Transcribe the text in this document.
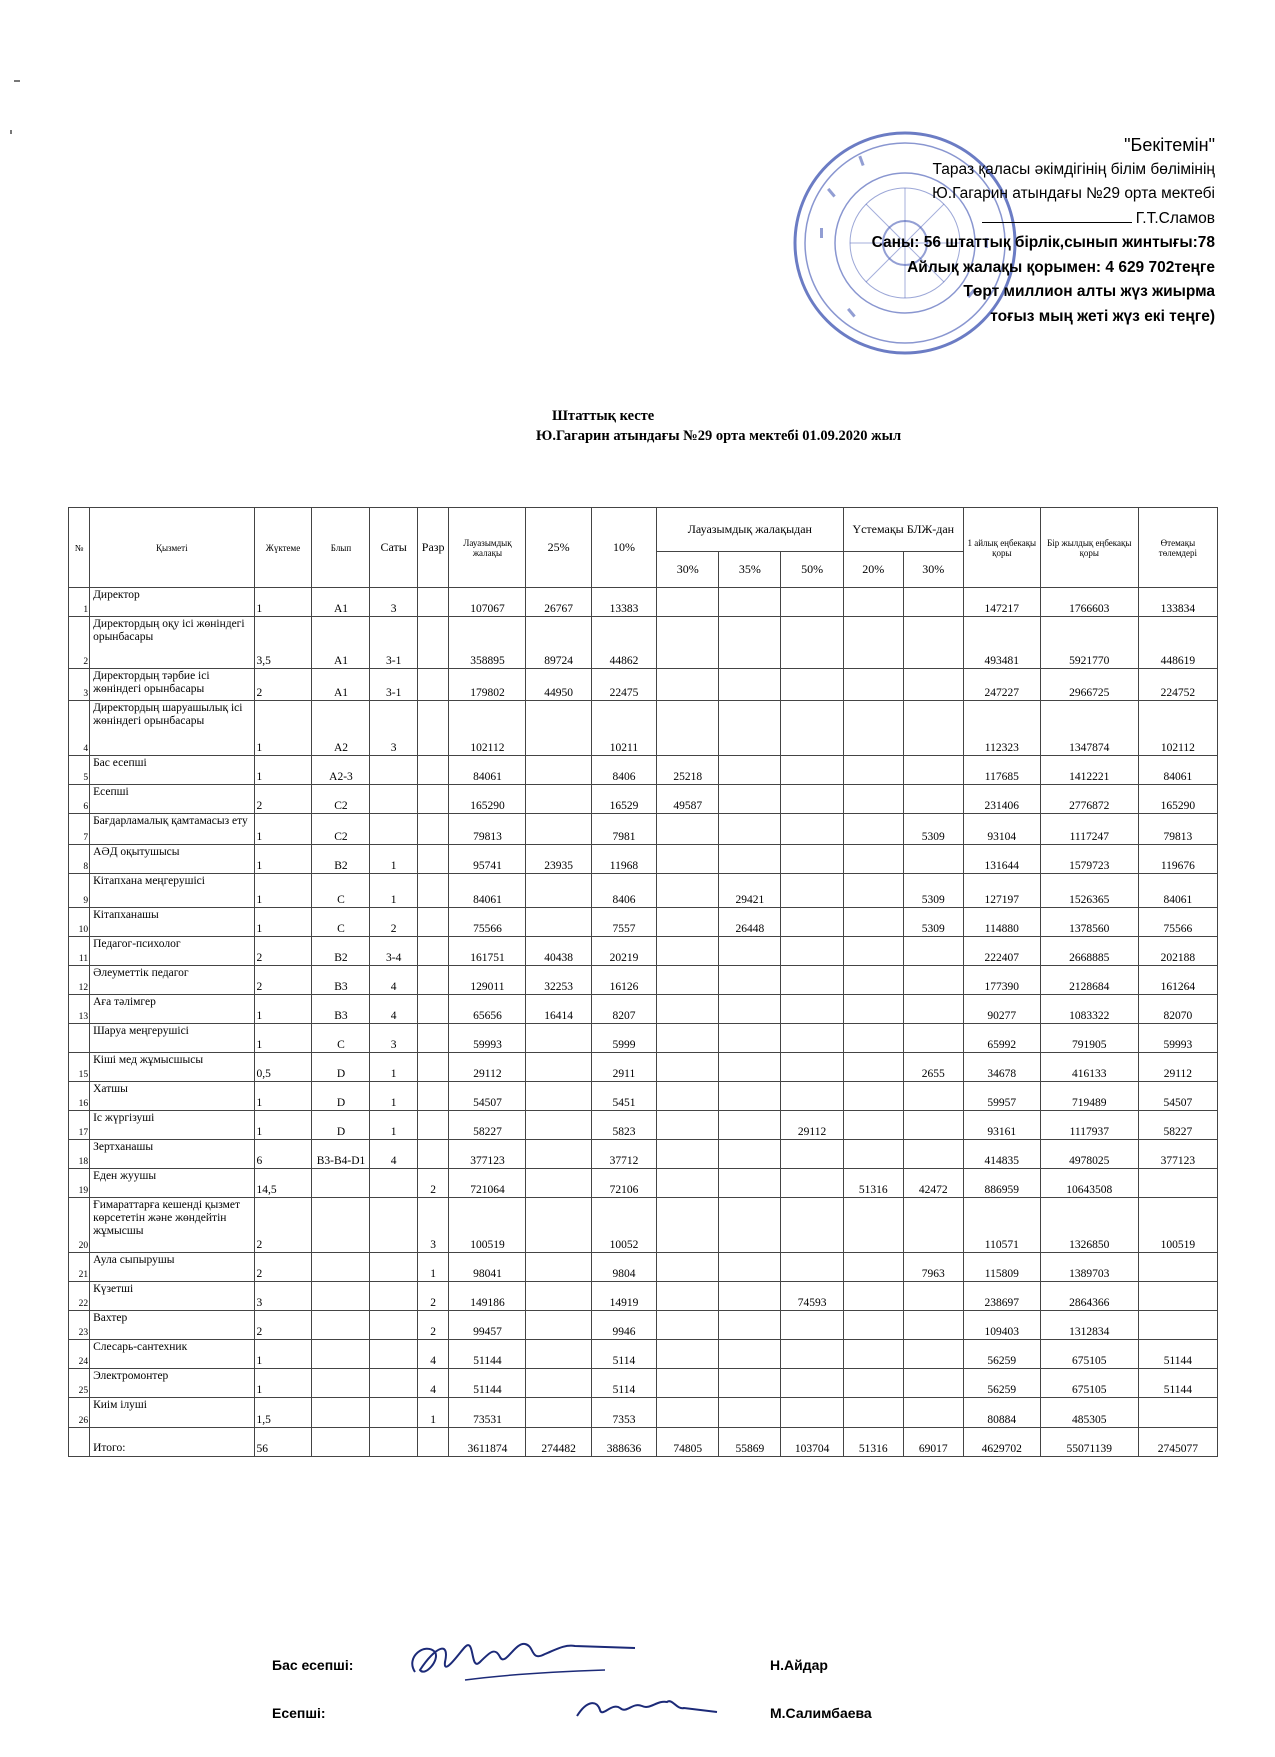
"Бекітемін"
Тараз қаласы әкімдігінің білім бөлімінің
Ю.Гагарин атындағы №29 орта мектебі
Г.Т.Сламов
Саны: 56 штаттық бірлік,сынып жинтығы:78
Айлық жалақы қорымен: 4 629 702теңге
Төрт миллион алты жүз жиырма
тоғыз мың жеті жүз екі теңге)
Штаттық кесте
Ю.Гагарин атындағы №29 орта мектебі 01.09.2020 жыл
№	Қызметі	Жүктеме	Блып	Саты	Разр	Лауазымдық жалақы	25%	10%	Лауазымдық жалақыдан			Үстемақы БЛЖ-дан		1 айлық еңбекақы қоры	Бір жылдық еңбекақы қоры	Өтемақы төлемдері
									30%	35%	50%	20%	30%			
1	Директор	1	А1	3		107067	26767	13383						147217	1766603	133834
2	Директордың оқу ісі жөніндегі орынбасары	3,5	А1	3-1		358895	89724	44862						493481	5921770	448619
3	Директордың тәрбие ісі жөніндегі орынбасары	2	А1	3-1		179802	44950	22475						247227	2966725	224752
4	Директордың шаруашылық ісі жөніндегі орынбасары	1	А2	3		102112		10211						112323	1347874	102112
5	Бас есепші	1	А2-3			84061		8406	25218					117685	1412221	84061
6	Есепші	2	С2			165290		16529	49587					231406	2776872	165290
7	Бағдарламалық қамтамасыз ету	1	С2			79813		7981					5309	93104	1117247	79813
8	АӘД оқытушысы	1	В2	1		95741	23935	11968						131644	1579723	119676
9	Кітапхана меңгерушісі	1	С	1		84061		8406		29421			5309	127197	1526365	84061
10	Кітапханашы	1	С	2		75566		7557		26448			5309	114880	1378560	75566
11	Педагог-психолог	2	В2	3-4		161751	40438	20219						222407	2668885	202188
12	Әлеуметтік педагог	2	В3	4		129011	32253	16126						177390	2128684	161264
13	Аға тәлімгер	1	В3	4		65656	16414	8207						90277	1083322	82070
	Шаруа меңгерушісі	1	С	3		59993		5999						65992	791905	59993
15	Кіші мед жұмысшысы	0,5	D	1		29112		2911					2655	34678	416133	29112
16	Хатшы	1	D	1		54507		5451						59957	719489	54507
17	Іс жүргізуші	1	D	1		58227		5823			29112			93161	1117937	58227
18	Зертханашы	6	В3-В4-D1	4		377123		37712						414835	4978025	377123
19	Еден жуушы	14,5			2	721064		72106				51316	42472	886959	10643508	
20	Ғимараттарға кешенді қызмет көрсететін және жөндейтін жұмысшы	2			3	100519		10052						110571	1326850	100519
21	Аула сыпырушы	2			1	98041		9804					7963	115809	1389703	
22	Күзетші	3			2	149186		14919			74593			238697	2864366	
23	Вахтер	2			2	99457		9946						109403	1312834	
24	Слесарь-сантехник	1			4	51144		5114						56259	675105	51144
25	Электромонтер	1			4	51144		5114						56259	675105	51144
26	Киім ілуші	1,5			1	73531		7353						80884	485305	
	Итого:	56				3611874	274482	388636	74805	55869	103704	51316	69017	4629702	55071139	2745077
Бас есепші:	Н.Айдар
Есепші:	М.Салимбаева
